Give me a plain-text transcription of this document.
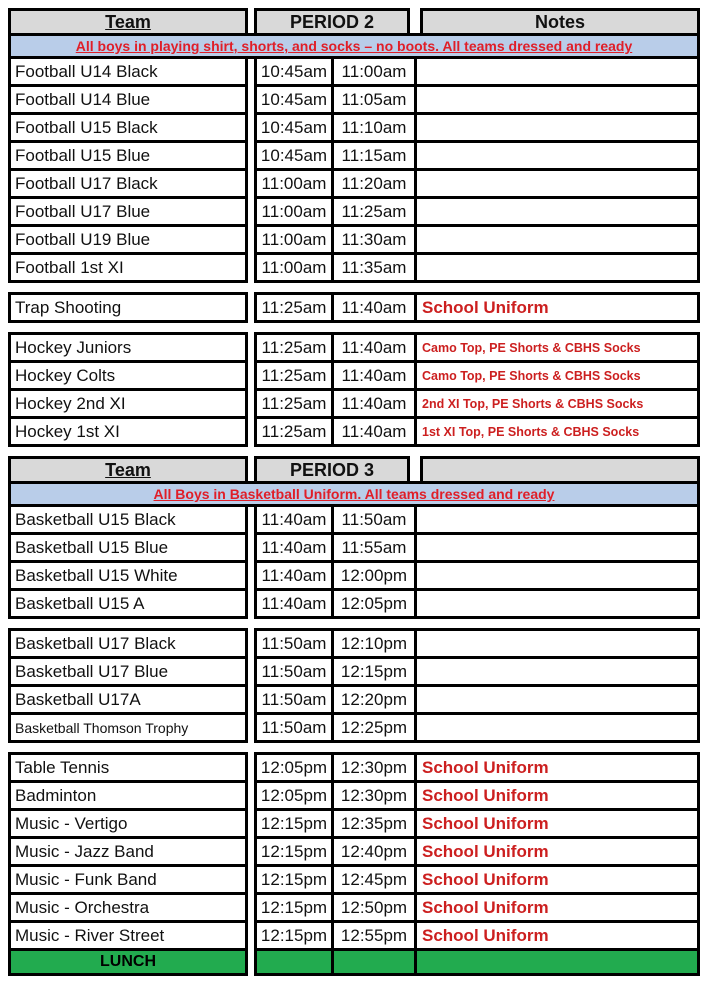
Team	PERIOD 2	Notes
All boys in playing shirt, shorts, and socks – no boots. All teams dressed and ready
Football U14 Black	10:45am 11:00am
Football U14 Blue	10:45am 11:05am
Football U15 Black	10:45am 11:10am
Football U15 Blue	10:45am 11:15am
Football U17 Black	11:00am 11:20am
Football U17 Blue	11:00am 11:25am
Football U19 Blue	11:00am 11:30am
Football 1st XI	11:00am 11:35am
Trap Shooting	11:25am 11:40am School Uniform
Hockey Juniors	11:25am 11:40am Camo Top, PE Shorts & CBHS Socks
Hockey Colts	11:25am 11:40am Camo Top, PE Shorts & CBHS Socks
Hockey 2nd XI	11:25am 11:40am 2nd XI Top, PE Shorts & CBHS Socks
Hockey 1st XI	11:25am 11:40am 1st XI Top, PE Shorts & CBHS Socks
Team	PERIOD 3
All Boys in Basketball Uniform. All teams dressed and ready
Basketball U15 Black	11:40am 11:50am
Basketball U15 Blue	11:40am 11:55am
Basketball U15 White	11:40am 12:00pm
Basketball U15 A	11:40am 12:05pm
Basketball U17 Black	11:50am 12:10pm
Basketball U17 Blue	11:50am 12:15pm
Basketball U17A	11:50am 12:20pm
Basketball Thomson Trophy	11:50am 12:25pm
Table Tennis	12:05pm 12:30pm School Uniform
Badminton	12:05pm 12:30pm School Uniform
Music - Vertigo	12:15pm 12:35pm School Uniform
Music - Jazz Band	12:15pm 12:40pm School Uniform
Music - Funk Band	12:15pm 12:45pm School Uniform
Music - Orchestra	12:15pm 12:50pm School Uniform
Music - River Street	12:15pm 12:55pm School Uniform
LUNCH
